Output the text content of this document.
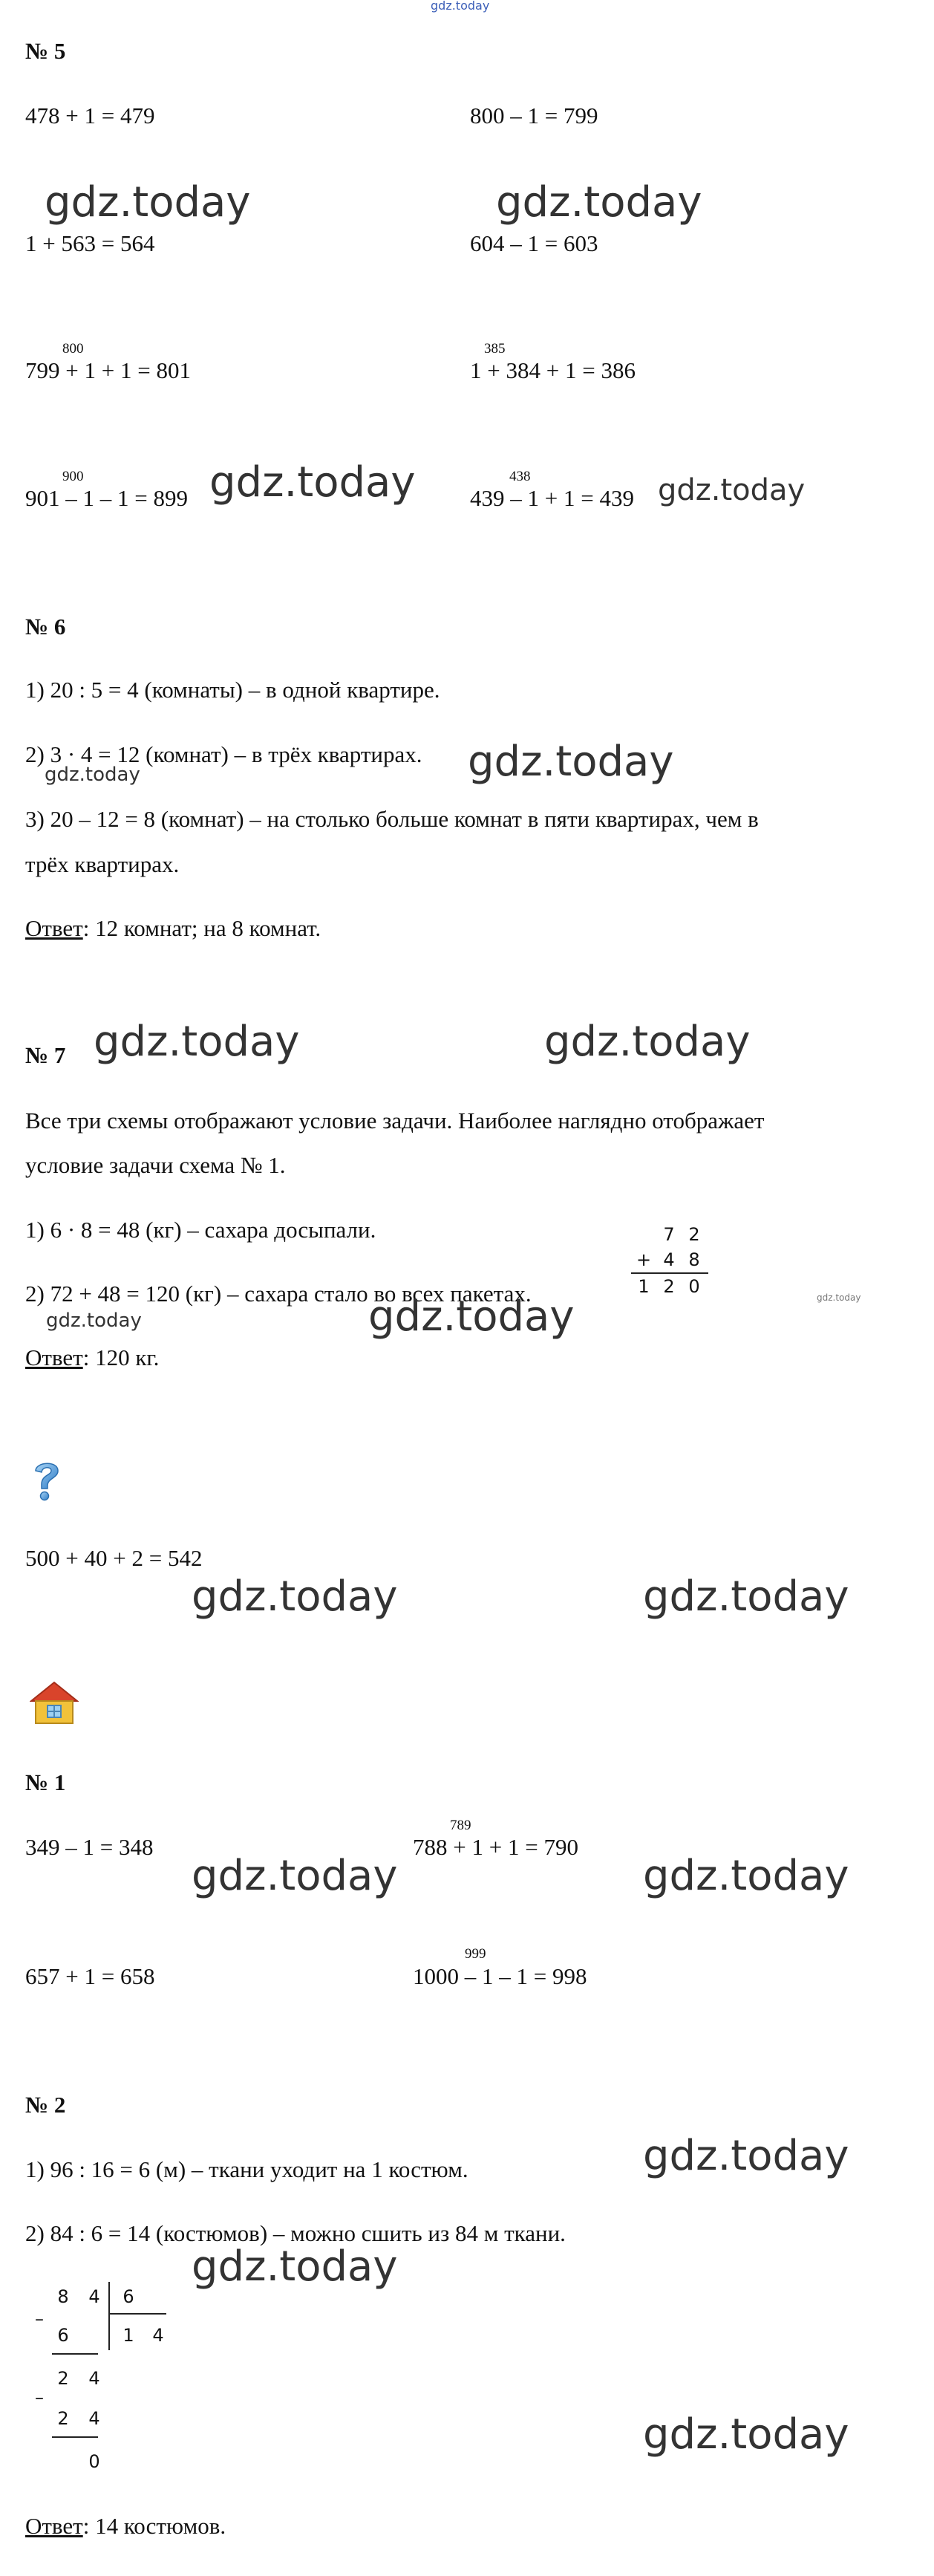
gdz.today
№ 5
478 + 1 = 479	800 – 1 = 799
gdz.today	gdz.today
1 + 563 = 564	604 – 1 = 603
800
799 + 1 + 1 = 801
385
1 + 384 + 1 = 386
900
901 – 1 – 1 = 899 gdz.today	438
439 – 1 + 1 = 439 gdz.today
№ 6
1) 20 : 5 = 4 (комнаты) – в одной квартире.
2) 3 · 4 = 12 (комнат) – в трёх квартирах.
gdz.today	gdz.today
3) 20 – 12 = 8 (комнат) – на столько больше комнат в пяти квартирах, чем в
трёх квартирах.
Ответ: 12 комнат; на 8 комнат.
№ 7 gdz.today	gdz.today
Все три схемы отображают условие задачи. Наиболее наглядно отображает
условие задачи схема № 1.
1) 6 · 8 = 48 (кг) – сахара досыпали.
2) 72 + 48 = 120 (кг) – сахара стало во всех пакетах.
7 2
+ 4 8
1 2 0
gdz.today
gdz.today	gdz.today
Ответ: 120 кг.
500 + 40 + 2 = 542
gdz.today	gdz.today
№ 1
349 – 1 = 348
789
788 + 1 + 1 = 790
gdz.today	gdz.today
657 + 1 = 658
999
1000 – 1 – 1 = 998
№ 2
gdz.today
1) 96 : 16 = 6 (м) – ткани уходит на 1 костюм.
2) 84 : 6 = 14 (костюмов) – можно сшить из 84 м ткани.
gdz.today
8	4	6
–
6	1	4
2	4
–
2	4
0
gdz.today
Ответ: 14 костюмов.
